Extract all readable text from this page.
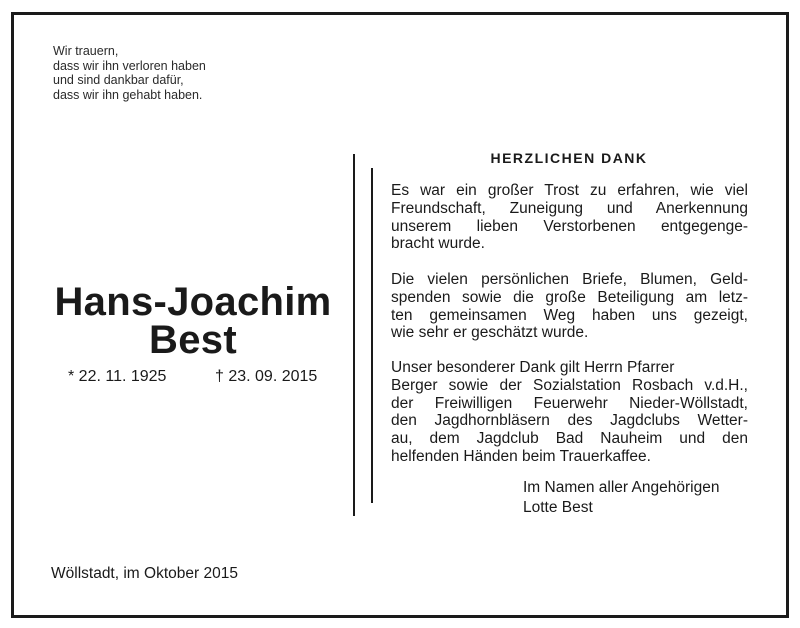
Wir trauern,
dass wir ihn verloren haben
und sind dankbar dafür,
dass wir ihn gehabt haben.
Hans-Joachim
Best
* 22. 11. 1925	† 23. 09. 2015
HERZLICHEN DANK
Es war ein großer Trost zu erfahren, wie viel
Freundschaft, Zuneigung und Anerkennung
unserem lieben Verstorbenen entgegenge-
bracht wurde.
Die vielen persönlichen Briefe, Blumen, Geld-
spenden sowie die große Beteiligung am letz-
ten gemeinsamen Weg haben uns gezeigt,
wie sehr er geschätzt wurde.
Unser besonderer Dank gilt Herrn Pfarrer
Berger sowie der Sozialstation Rosbach v.d.H.,
der Freiwilligen Feuerwehr Nieder-Wöllstadt,
den Jagdhornbläsern des Jagdclubs Wetter-
au, dem Jagdclub Bad Nauheim und den
helfenden Händen beim Trauerkaffee.
Im Namen aller Angehörigen
Lotte Best
Wöllstadt, im Oktober 2015
